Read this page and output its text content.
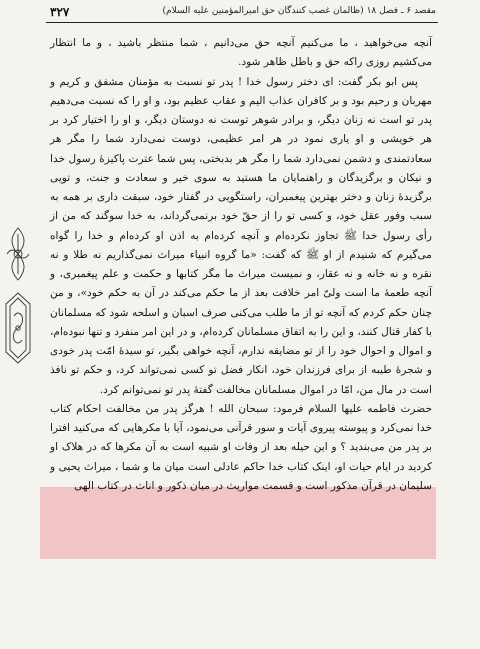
۳۲۷	مقصد ۶ ـ فصل ۱۸ (ظالمان غصب کنندگان حق امیرالمؤمنین علیه السلام)

آنچه می‌خواهید ، ما می‌کنیم آنچه حق می‌دانیم ، شما منتظر باشید ، و ما انتظار می‌کشیم روزی راکه حق و باطل ظاهر شود.

پس ابو بکر گفت: ای دختر رسول خدا ! پدر تو نسبت به مؤمنان مشفق و کریم و مهربان و رحیم بود و بر کافران عذاب الیم و عقاب عظیم بود، و او را که نسبت می‌دهیم پدر تو است نه زنان دیگر، و برادر شوهر توست نه دوستان دیگر، و او را اختیار کرد بر هر خویشی و او یاری نمود در هر امر عظیمی، دوست نمی‌دارد شما را مگر هر سعادتمندی و دشمن نمی‌دارد شما را مگر هر بدبختی، پس شما عترت پاکیزۀ رسول خدا و نیکان و برگزیدگان و راهنمایان ما هستید به سوی خیر و سعادت و جنت، و تویی برگزیدۀ زنان و دختر بهترین پیغمبران، راستگویی در گفتار خود، سبقت داری بر همه به سبب وفور عقل خود، و کسی تو را از حقّ خود برنمی‌گرداند، به خدا سوگند که من از رأی رسول خدا ﷺ تجاوز نکرده‌ام و آنچه کرده‌ام به اذن او کرده‌ام و خدا را گواه می‌گیرم که شنیدم از او ﷺ که گفت: «ما گروه انبیاء میراث نمی‌گذاریم نه طلا و نه نقره و نه خانه و نه عقار، و نمیست میراث ما مگر کتابها و حکمت و علم پیغمبری، و آنچه طعمۀ ما است ولیّ امر خلافت بعد از ما حکم می‌کند در آن به حکم خود»، و من چنان حکم کردم که آنچه تو از ما طلب می‌کنی صرف اسبان و اسلحه شود که مسلمانان با کفار قتال کنند، و این را به اتفاق مسلمانان کرده‌ام، و در این امر منفرد و تنها نبوده‌ام، و اموال و احوال خود را از تو مضایقه ندارم، آنچه خواهی بگیر، تو سیدۀ امّت پدر خودی و شجرۀ طیبه از برای فرزندان خود، انکار فضل تو کسی نمی‌تواند کرد، و حکم تو نافذ است در مال من، امّا در اموال مسلمانان مخالفت گفتۀ پدر تو نمی‌توانم کرد.

حضرت فاطمه علیها السلام فرمود: سبحان الله ! هرگز پدر من مخالفت احکام کتاب خدا نمی‌کرد و پیوسته پیروی آیات و سور قرآنی می‌نمود، آیا با مکرهایی که می‌کنید افترا بر پدر من می‌بندید ؟ و این حیله بعد از وفات او شبیه است به آن مکرها که در هلاک او کردید در ایام حیات او، اینک کتاب خدا حاکم عادلی است میان ما و شما ، میراث یحیی و سلیمان در قرآن مذکور است و قسمت مواریث در میان ذکور و اناث در کتاب الهی
